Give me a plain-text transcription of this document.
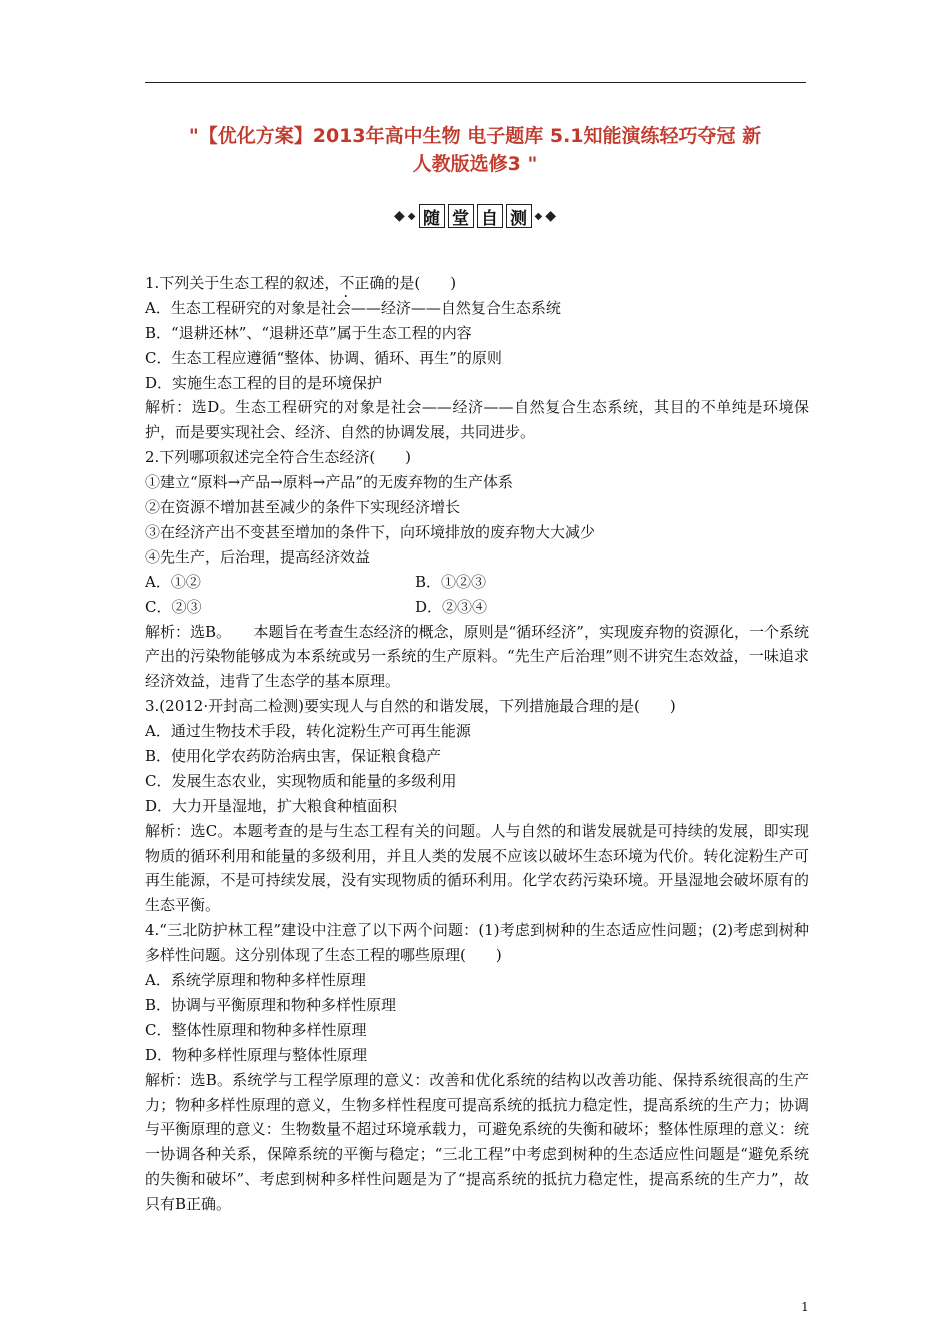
"【优化方案】2013年高中生物 电子题库 5.1知能演练轻巧夺冠 新
人教版选修3 "
◆ ◆ 随 堂 自 测 ◆ ◆
1.下列关于生态工程的叙述，不正确的是(　　)
A．生态工程研究的对象是社会——经济——自然复合生态系统
B．“退耕还林”、“退耕还草”属于生态工程的内容
C．生态工程应遵循“整体、协调、循环、再生”的原则
D．实施生态工程的目的是环境保护
解析：选D。生态工程研究的对象是社会——经济——自然复合生态系统，其目的不单纯是环境保护，而是要实现社会、经济、自然的协调发展，共同进步。
2.下列哪项叙述完全符合生态经济(　　)
①建立“原料→产品→原料→产品”的无废弃物的生产体系
②在资源不增加甚至减少的条件下实现经济增长
③在经济产出不变甚至增加的条件下，向环境排放的废弃物大大减少
④先生产，后治理，提高经济效益
A．①②	B．①②③
C．②③	D．②③④
解析：选B。　　本题旨在考查生态经济的概念，原则是“循环经济”，实现废弃物的资源化，一个系统产出的污染物能够成为本系统或另一系统的生产原料。“先生产后治理”则不讲究生态效益，一味追求经济效益，违背了生态学的基本原理。
3.(2012·开封高二检测)要实现人与自然的和谐发展，下列措施最合理的是(　　)
A．通过生物技术手段，转化淀粉生产可再生能源
B．使用化学农药防治病虫害，保证粮食稳产
C．发展生态农业，实现物质和能量的多级利用
D．大力开垦湿地，扩大粮食种植面积
解析：选C。本题考查的是与生态工程有关的问题。人与自然的和谐发展就是可持续的发展，即实现物质的循环利用和能量的多级利用，并且人类的发展不应该以破坏生态环境为代价。转化淀粉生产可再生能源，不是可持续发展，没有实现物质的循环利用。化学农药污染环境。开垦湿地会破坏原有的生态平衡。
4.“三北防护林工程”建设中注意了以下两个问题：(1)考虑到树种的生态适应性问题；(2)考虑到树种多样性问题。这分别体现了生态工程的哪些原理(　　)
A．系统学原理和物种多样性原理
B．协调与平衡原理和物种多样性原理
C．整体性原理和物种多样性原理
D．物种多样性原理与整体性原理
解析：选B。系统学与工程学原理的意义：改善和优化系统的结构以改善功能、保持系统很高的生产力；物种多样性原理的意义，生物多样性程度可提高系统的抵抗力稳定性，提高系统的生产力；协调与平衡原理的意义：生物数量不超过环境承载力，可避免系统的失衡和破坏；整体性原理的意义：统一协调各种关系，保障系统的平衡与稳定；“三北工程”中考虑到树种的生态适应性问题是“避免系统的失衡和破坏”、考虑到树种多样性问题是为了“提高系统的抵抗力稳定性，提高系统的生产力”，故只有B正确。
1
